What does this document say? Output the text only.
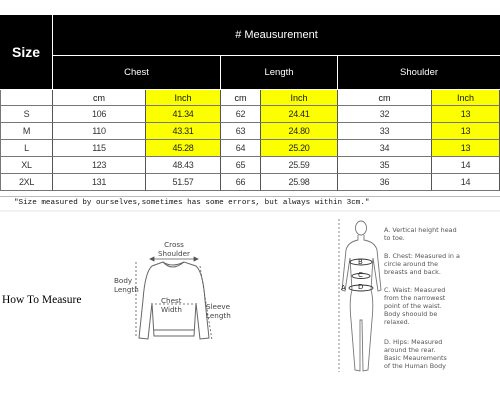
Size
# Meausurement
Chest	Length	Shoulder
cm	Inch	cm	Inch	cm	Inch
S	106	41.34	62	24.41	32	13
M	110	43.31	63	24.80	33	13
L	115	45.28	64	25.20	34	13
XL	123	48.43	65	25.59	35	14
2XL	131	51.57	66	25.98	36	14
"Size measured by ourselves,sometimes has some errors, but always within 3cm."
How To Measure
Cross
Shoulder
Body
Length
Chest
Width	Sleeve
Length
A
B
C
D
A. Vertical height head
to toe.
B. Chest: Measured in a
circle around the
breasts and back.
C. Waist: Measured
from the narrowest
point of the waist.
Body shoould be
relaxed.
D. Hips: Measured
around the rear.
Basic Meaurements
of the Human Body
